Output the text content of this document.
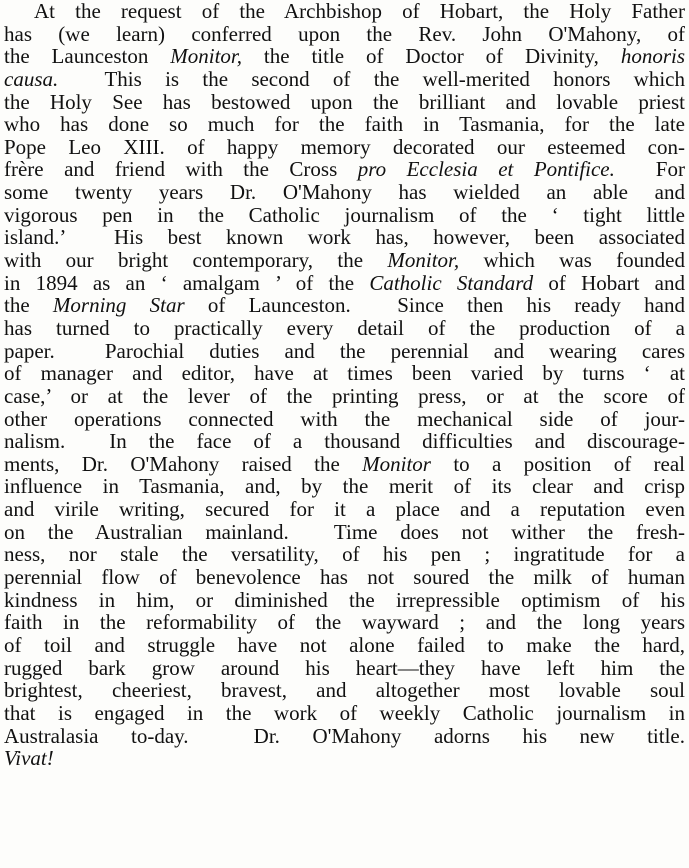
At the request of the Archbishop of Hobart, the Holy Father
has (we learn) conferred upon the Rev. John O'Mahony, of
the Launceston Monitor, the title of Doctor of Divinity, honoris
causa.  This is the second of the well-merited honors which
the Holy See has bestowed upon the brilliant and lovable priest
who has done so much for the faith in Tasmania, for the late
Pope Leo XIII. of happy memory decorated our esteemed con-
frère and friend with the Cross pro Ecclesia et Pontifice.  For
some twenty years Dr. O'Mahony has wielded an able and
vigorous pen in the Catholic journalism of the ‘ tight little
island.’  His best known work has, however, been associated
with our bright contemporary, the Monitor, which was founded
in 1894 as an ‘ amalgam ’ of the Catholic Standard of Hobart and
the Morning Star of Launceston.  Since then his ready hand
has turned to practically every detail of the production of a
paper.  Parochial duties and the perennial and wearing cares
of manager and editor, have at times been varied by turns ‘ at
case,’ or at the lever of the printing press, or at the score of
other operations connected with the mechanical side of jour-
nalism.  In the face of a thousand difficulties and discourage-
ments, Dr. O'Mahony raised the Monitor to a position of real
influence in Tasmania, and, by the merit of its clear and crisp
and virile writing, secured for it a place and a reputation even
on the Australian mainland.  Time does not wither the fresh-
ness, nor stale the versatility, of his pen ; ingratitude for a
perennial flow of benevolence has not soured the milk of human
kindness in him, or diminished the irrepressible optimism of his
faith in the reformability of the wayward ; and the long years
of toil and struggle have not alone failed to make the hard,
rugged bark grow around his heart—they have left him the
brightest, cheeriest, bravest, and altogether most lovable soul
that is engaged in the work of weekly Catholic journalism in
Australasia to-day.  Dr. O'Mahony adorns his new title.
Vivat!
